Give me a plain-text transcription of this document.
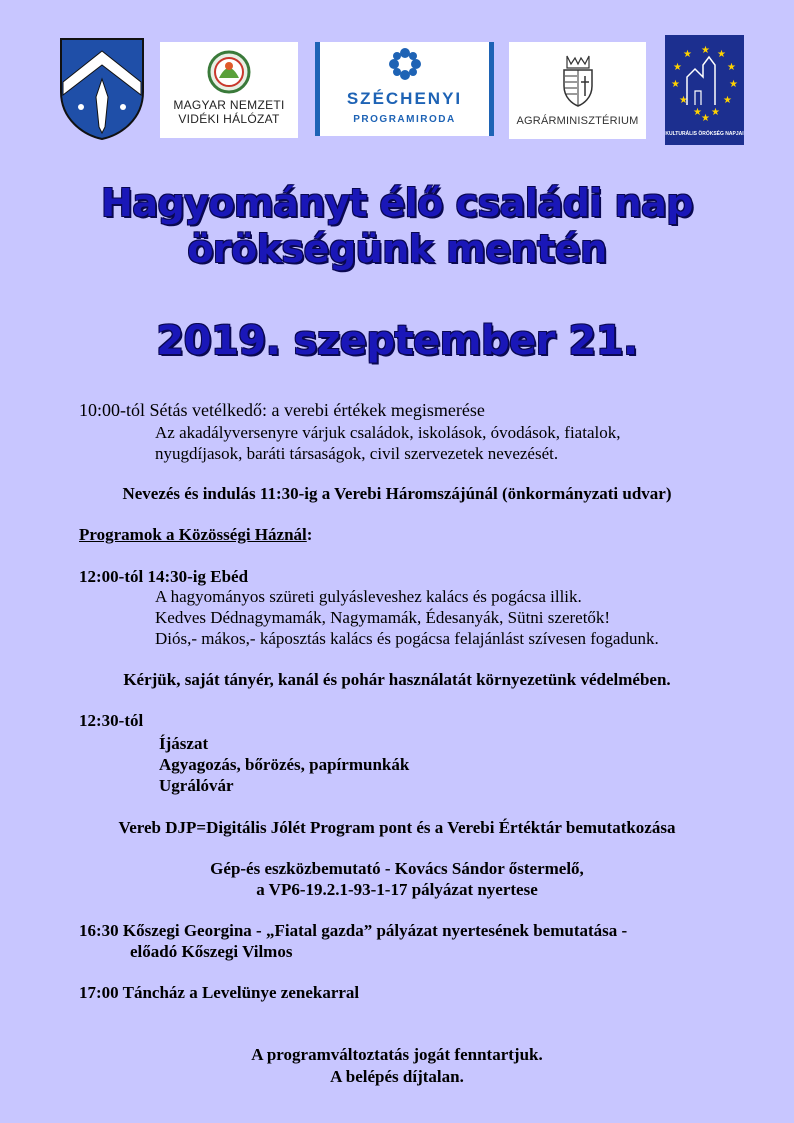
MAGYAR NEMZETI
VIDÉKI HÁLÓZAT
SZÉCHENYI
PROGRAMIRODA	AGRÁRMINISZTÉRIUM
★ ★
★
★
★
★
★
★
★
★
★
★
KULTURÁLIS ÖRÖKSÉG NAPJAI
Hagyományt élő családi nap
örökségünk mentén
2019. szeptember 21.
10:00-tól Sétás vetélkedő: a verebi értékek megismerése
Az akadályversenyre várjuk családok, iskolások, óvodások, fiatalok,
nyugdíjasok, baráti társaságok, civil szervezetek nevezését.
Nevezés és indulás 11:30-ig a Verebi Háromszájúnál (önkormányzati udvar)
Programok a Közösségi Háznál:
12:00-tól 14:30-ig Ebéd
A hagyományos szüreti gulyásleveshez kalács és pogácsa illik.
Kedves Dédnagymamák, Nagymamák, Édesanyák, Sütni szeretők!
Diós,- mákos,- káposztás kalács és pogácsa felajánlást szívesen fogadunk.
Kérjük, saját tányér, kanál és pohár használatát környezetünk védelmében.
12:30-tól
Íjászat
Agyagozás, bőrözés, papírmunkák
Ugrálóvár
Vereb DJP=Digitális Jólét Program pont és a Verebi Értéktár bemutatkozása
Gép-és eszközbemutató - Kovács Sándor őstermelő,
a VP6-19.2.1-93-1-17 pályázat nyertese
16:30 Kőszegi Georgina - „Fiatal gazda” pályázat nyertesének bemutatása -
előadó Kőszegi Vilmos
17:00 Táncház a Levelünye zenekarral
A programváltoztatás jogát fenntartjuk.
A belépés díjtalan.
